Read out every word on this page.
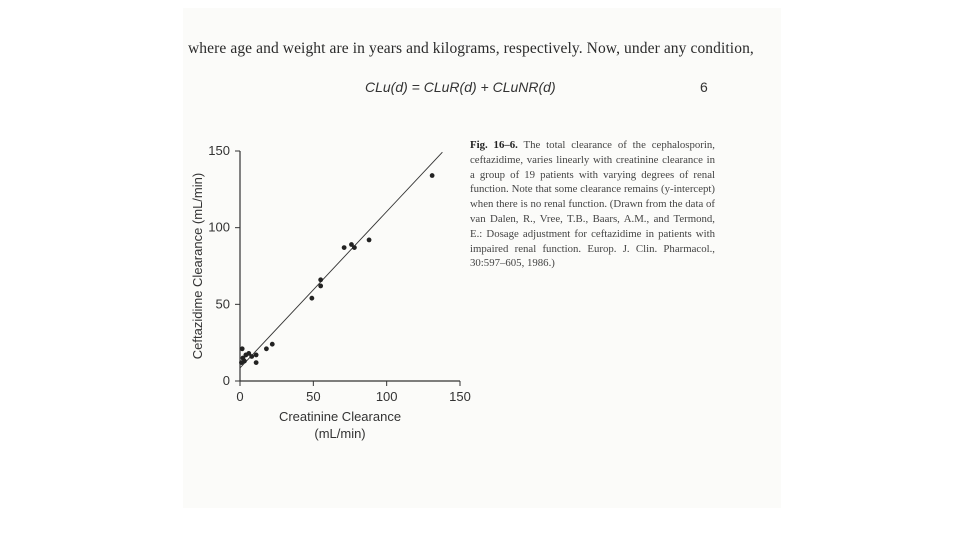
where age and weight are in years and kilograms, respectively. Now, under any condition,
CLu(d) = CLuR(d) + CLuNR(d)	6
Fig. 16–6. The total clearance of the cephalosporin, ceftazidime, varies linearly with creatinine clearance in a group of 19 patients with varying degrees of renal function. Note that some clearance remains (y-intercept) when there is no renal function. (Drawn from the data of van Dalen, R., Vree, T.B., Baars, A.M., and Termond, E.: Dosage adjustment for ceftazidime in patients with impaired renal function. Europ. J. Clin. Pharmacol., 30:597–605, 1986.)
0	50	100	150
0
50
100
150
Creatinine Clearance
(mL/min)
Ceftazidime Clearance (mL/min)
